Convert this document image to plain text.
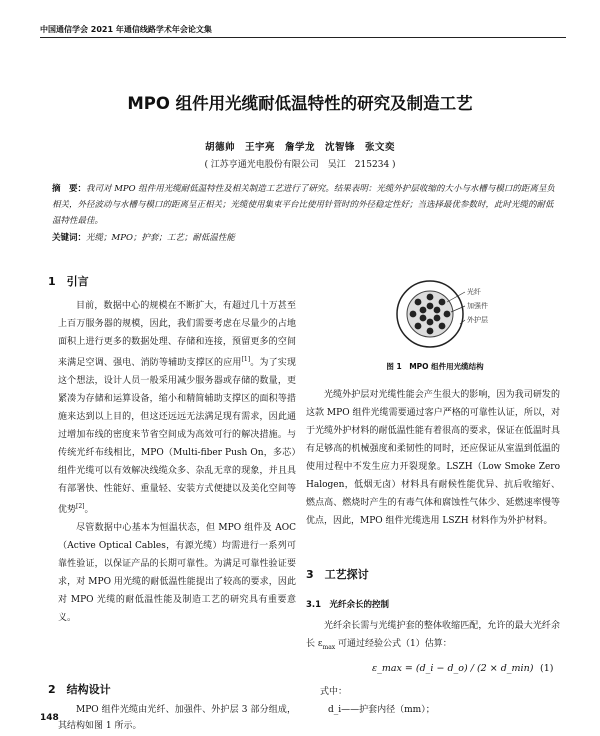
中国通信学会 2021 年通信线路学术年会论文集
MPO 组件用光缆耐低温特性的研究及制造工艺
胡德帅　王宇亮　詹学龙　沈智锋　张文奕
( 江苏亨通光电股份有限公司　吴江　215234 )
摘　要：我司对 MPO 组件用光缆耐低温特性及相关制造工艺进行了研究。结果表明：光缆外护层收缩的大小与水槽与模口的距离呈负相关，外径波动与水槽与模口的距离呈正相关；光缆使用集束平台比使用针管时的外径稳定性好；当选择最优参数时，此时光缆的耐低温特性最佳。
关键词：光缆；MPO；护套；工艺；耐低温性能
1　引言

目前，数据中心的规模在不断扩大，有超过几十万甚至上百万服务器的规模，因此，我们需要考虑在尽量少的占地面积上进行更多的数据处理、存储和连接，预留更多的空间来满足空调、强电、消防等辅助支撑区的应用[1]。为了实现这个想法，设计人员一般采用减少服务器或存储的数量，更紧凑为存储和运算设备，缩小和精简辅助支撑区的面积等措施来达到以上目的，但这还远远无法满足现有需求，因此通过增加布线的密度来节省空间成为高效可行的解决措施。与传统光纤布线相比，MPO（Multi-fiber Push On，多芯）组件光缆可以有效解决线缆众多、杂乱无章的现象，并且具有部署快、性能好、重量轻、安装方式便捷以及美化空间等优势[2]。

尽管数据中心基本为恒温状态，但 MPO 组件及 AOC（Active Optical Cables，有源光缆）均需进行一系列可靠性验证，以保证产品的长期可靠性。为满足可靠性验证要求，对 MPO 用光缆的耐低温性能提出了较高的要求，因此对 MPO 光缆的耐低温性能及制造工艺的研究具有重要意义。

2　结构设计

MPO 组件光缆由光纤、加强件、外护层 3 部分组成，其结构如图 1 所示。

148
光纤
加强件
外护层
图 1　MPO 组件用光缆结构

光缆外护层对光缆性能会产生很大的影响，因为我司研发的这款 MPO 组件光缆需要通过客户严格的可靠性认证，所以，对于光缆外护材料的耐低温性能有着很高的要求，保证在低温时具有足够高的机械强度和柔韧性的同时，还应保证从室温到低温的使用过程中不发生应力开裂现象。LSZH（Low Smoke Zero Halogen，低烟无卤）材料具有耐候性能优异、抗后收缩好、燃点高、燃烧时产生的有毒气体和腐蚀性气体少、延燃速率慢等优点，因此，MPO 组件光缆选用 LSZH 材料作为外护材料。

3　工艺探讨
3.1　光纤余长的控制

光纤余长需与光缆护套的整体收缩匹配，允许的最大光纤余长 $\varepsilon_{max}$ 可通过经验公式（1）估算：

ε_max = (d_i − d_o) / (2 × d_min) (1)
式中：
d_i——护套内径（mm）；
